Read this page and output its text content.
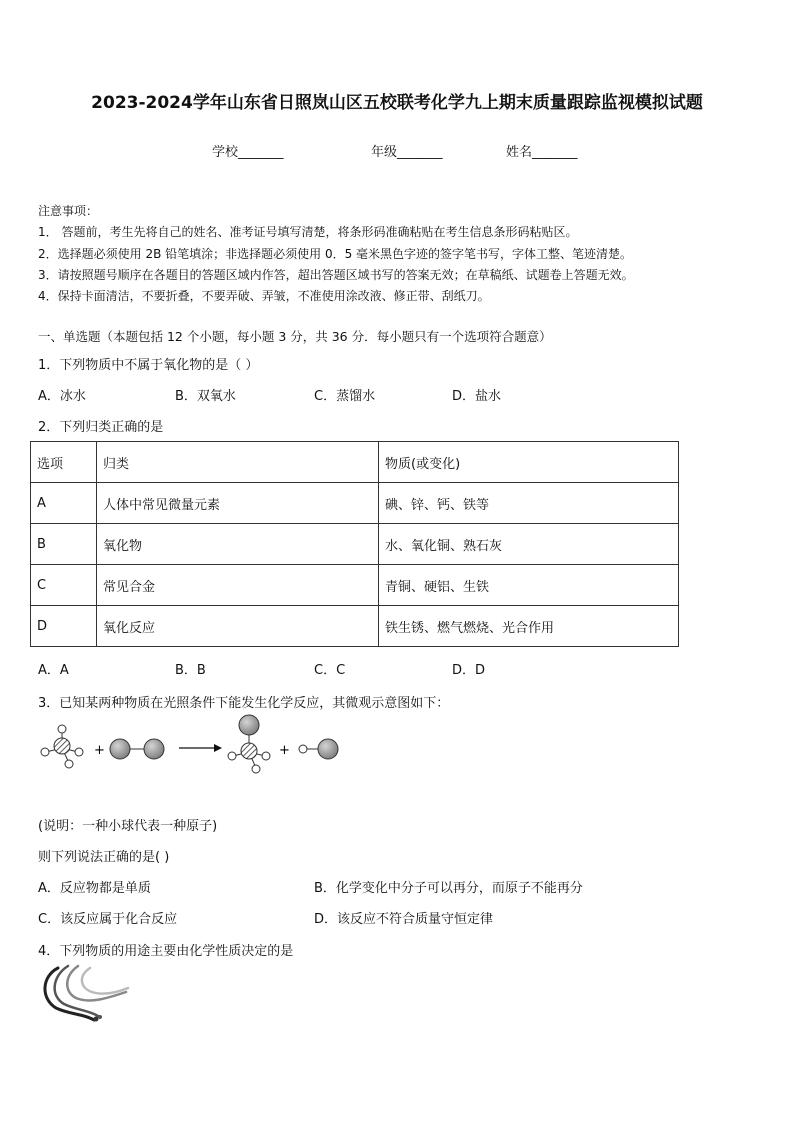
2023-2024学年山东省日照岚山区五校联考化学九上期末质量跟踪监视模拟试题
学校_______	年级_______	姓名_______
注意事项：
1． 答题前，考生先将自己的姓名、准考证号填写清楚，将条形码准确粘贴在考生信息条形码粘贴区。
2．选择题必须使用 2B 铅笔填涂；非选择题必须使用 0．5 毫米黑色字迹的签字笔书写，字体工整、笔迹清楚。
3．请按照题号顺序在各题目的答题区域内作答，超出答题区域书写的答案无效；在草稿纸、试题卷上答题无效。
4．保持卡面清洁，不要折叠，不要弄破、弄皱，不准使用涂改液、修正带、刮纸刀。
一、单选题（本题包括 12 个小题，每小题 3 分，共 36 分．每小题只有一个选项符合题意）
1．下列物质中不属于氧化物的是（ ）
A．冰水	B．双氧水	C．蒸馏水	D．盐水
2．下列归类正确的是
选项	归类	物质(或变化)
A	人体中常见微量元素	碘、锌、钙、铁等
B	氧化物	水、氧化铜、熟石灰
C	常见合金	青铜、硬铝、生铁
D	氧化反应	铁生锈、燃气燃烧、光合作用
A．A	B．B	C．C	D．D
3．已知某两种物质在光照条件下能发生化学反应，其微观示意图如下：
+	+
(说明：一种小球代表一种原子)
则下列说法正确的是( )
A．反应物都是单质	B．化学变化中分子可以再分，而原子不能再分
C．该反应属于化合反应	D．该反应不符合质量守恒定律
4．下列物质的用途主要由化学性质决定的是
